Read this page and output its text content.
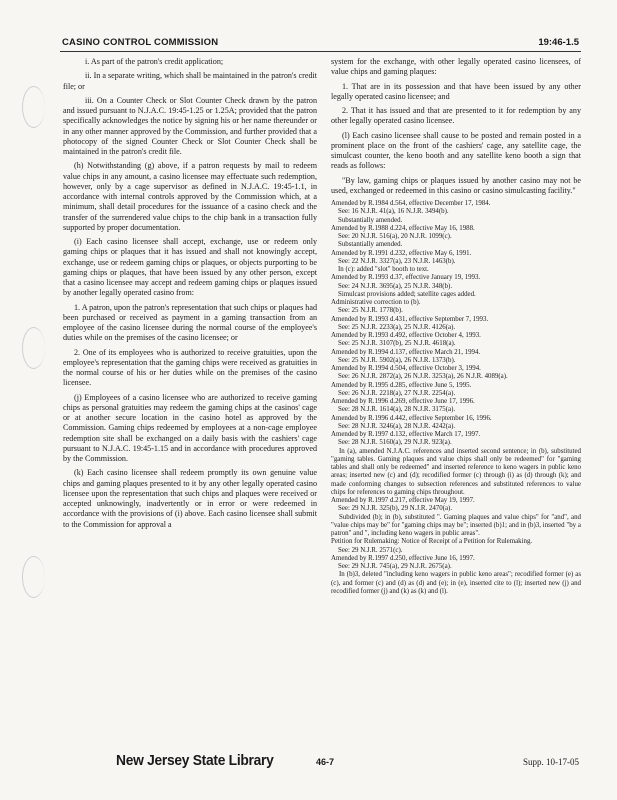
CASINO CONTROL COMMISSION	19:46-1.5

i. As part of the patron's credit application;

ii. In a separate writing, which shall be maintained in the patron's credit file; or

iii. On a Counter Check or Slot Counter Check drawn by the patron and issued pursuant to N.J.A.C. 19:45-1.25 or 1.25A; provided that the patron specifically acknowledges the notice by signing his or her name thereunder or in any other manner approved by the Commission, and further provided that a photocopy of the signed Counter Check or Slot Counter Check shall be maintained in the patron's credit file.

(h) Notwithstanding (g) above, if a patron requests by mail to redeem value chips in any amount, a casino licensee may effectuate such redemption, however, only by a cage supervisor as defined in N.J.A.C. 19:45-1.1, in accordance with internal controls approved by the Commission which, at a minimum, shall detail procedures for the issuance of a casino check and the transfer of the surrendered value chips to the chip bank in a transaction fully supported by proper documentation.

(i) Each casino licensee shall accept, exchange, use or redeem only gaming chips or plaques that it has issued and shall not knowingly accept, exchange, use or redeem gaming chips or plaques, or objects purporting to be gaming chips or plaques, that have been issued by any other person, except that a casino licensee may accept and redeem gaming chips or plaques issued by another legally operated casino from:

1. A patron, upon the patron's representation that such chips or plaques had been purchased or received as payment in a gaming transaction from an employee of the casino licensee during the normal course of the employee's duties while on the premises of the casino licensee; or

2. One of its employees who is authorized to receive gratuities, upon the employee's representation that the gaming chips were received as gratuities in the normal course of his or her duties while on the premises of the casino licensee.

(j) Employees of a casino licensee who are authorized to receive gaming chips as personal gratuities may redeem the gaming chips at the casinos' cage or at another secure location in the casino hotel as approved by the Commission. Gaming chips redeemed by employees at a non-cage employee redemption site shall be exchanged on a daily basis with the cashiers' cage pursuant to N.J.A.C. 19:45-1.15 and in accordance with procedures approved by the Commission.

(k) Each casino licensee shall redeem promptly its own genuine value chips and gaming plaques presented to it by any other legally operated casino licensee upon the representation that such chips and plaques were received or accepted unknowingly, inadvertently or in error or were redeemed in accordance with the provisions of (i) above. Each casino licensee shall submit to the Commission for approval a

system for the exchange, with other legally operated casino licensees, of value chips and gaming plaques:

1. That are in its possession and that have been issued by any other legally operated casino licensee; and

2. That it has issued and that are presented to it for redemption by any other legally operated casino licensee.

(l) Each casino licensee shall cause to be posted and remain posted in a prominent place on the front of the cashiers' cage, any satellite cage, the simulcast counter, the keno booth and any satellite keno booth a sign that reads as follows:

"By law, gaming chips or plaques issued by another casino may not be used, exchanged or redeemed in this casino or casino simulcasting facility."

Amended by R.1984 d.564, effective December 17, 1984.

See: 16 N.J.R. 41(a), 16 N.J.R. 3494(b).

Substantially amended.

Amended by R.1988 d.224, effective May 16, 1988.

See: 20 N.J.R. 516(a), 20 N.J.R. 1099(c).

Substantially amended.

Amended by R.1991 d.232, effective May 6, 1991.

See: 22 N.J.R. 3327(a), 23 N.J.R. 1463(b).

In (c): added "slot" booth to text.

Amended by R.1993 d.37, effective January 19, 1993.

See: 24 N.J.R. 3695(a), 25 N.J.R. 348(b).

Simulcast provisions added; satellite cages added.

Administrative correction to (b).

See: 25 N.J.R. 1778(b).

Amended by R.1993 d.431, effective September 7, 1993.

See: 25 N.J.R. 2233(a), 25 N.J.R. 4126(a).

Amended by R.1993 d.492, effective October 4, 1993.

See: 25 N.J.R. 3107(b), 25 N.J.R. 4618(a).

Amended by R.1994 d.137, effective March 21, 1994.

See: 25 N.J.R. 5902(a), 26 N.J.R. 1373(b).

Amended by R.1994 d.504, effective October 3, 1994.

See: 26 N.J.R. 2872(a), 26 N.J.R. 3253(a), 26 N.J.R. 4089(a).

Amended by R.1995 d.285, effective June 5, 1995.

See: 26 N.J.R. 2218(a), 27 N.J.R. 2254(a).

Amended by R.1996 d.269, effective June 17, 1996.

See: 28 N.J.R. 1614(a), 28 N.J.R. 3175(a).

Amended by R.1996 d.442, effective September 16, 1996.

See: 28 N.J.R. 3246(a), 28 N.J.R. 4242(a).

Amended by R.1997 d.132, effective March 17, 1997.

See: 28 N.J.R. 5160(a), 29 N.J.R. 923(a).

In (a), amended N.J.A.C. references and inserted second sentence; in (b), substituted "gaming tables. Gaming plaques and value chips shall only be redeemed" for "gaming tables and shall only be redeemed" and inserted reference to keno wagers in public keno areas; inserted new (c) and (d); recodified former (c) through (i) as (d) through (k); and made conforming changes to subsection references and substituted references to value chips for references to gaming chips throughout.

Amended by R.1997 d.217, effective May 19, 1997.

See: 29 N.J.R. 325(b), 29 N.J.R. 2470(a).

Subdivided (b); in (b), substituted ". Gaming plaques and value chips" for "and", and "value chips may be" for "gaming chips may be"; inserted (b)1; and in (b)3, inserted "by a patron" and ", including keno wagers in public areas".

Petition for Rulemaking: Notice of Receipt of a Petition for Rulemaking.

See: 29 N.J.R. 2571(c).

Amended by R.1997 d.250, effective June 16, 1997.

See: 29 N.J.R. 745(a), 29 N.J.R. 2675(a).

In (b)3, deleted "including keno wagers in public keno areas"; recodified former (e) as (c), and former (c) and (d) as (d) and (e); in (e), inserted cite to (l); inserted new (j) and recodified former (j) and (k) as (k) and (l).

New Jersey State Library	46-7	Supp. 10-17-05
